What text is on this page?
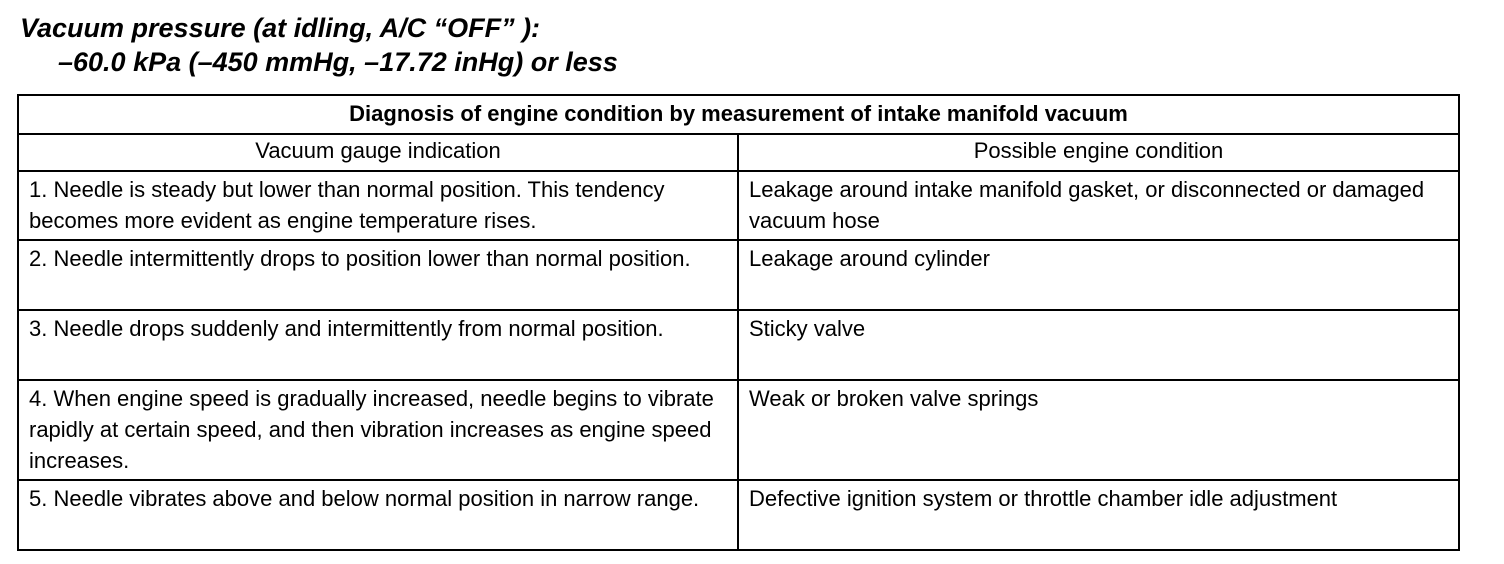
Vacuum pressure (at idling, A/C “OFF” ):
–60.0 kPa (–450 mmHg, –17.72 inHg) or less
Diagnosis of engine condition by measurement of intake manifold vacuum	
Vacuum gauge indication	Possible engine condition
1. Needle is steady but lower than normal position. This tendency becomes more evident as engine temperature rises.	Leakage around intake manifold gasket, or disconnected or damaged vacuum hose
2. Needle intermittently drops to position lower than normal position.	Leakage around cylinder
3. Needle drops suddenly and intermittently from normal position.	Sticky valve
4. When engine speed is gradually increased, needle begins to vibrate rapidly at certain speed, and then vibration increases as engine speed increases.	Weak or broken valve springs
5. Needle vibrates above and below normal position in narrow range.	Defective ignition system or throttle chamber idle adjustment
